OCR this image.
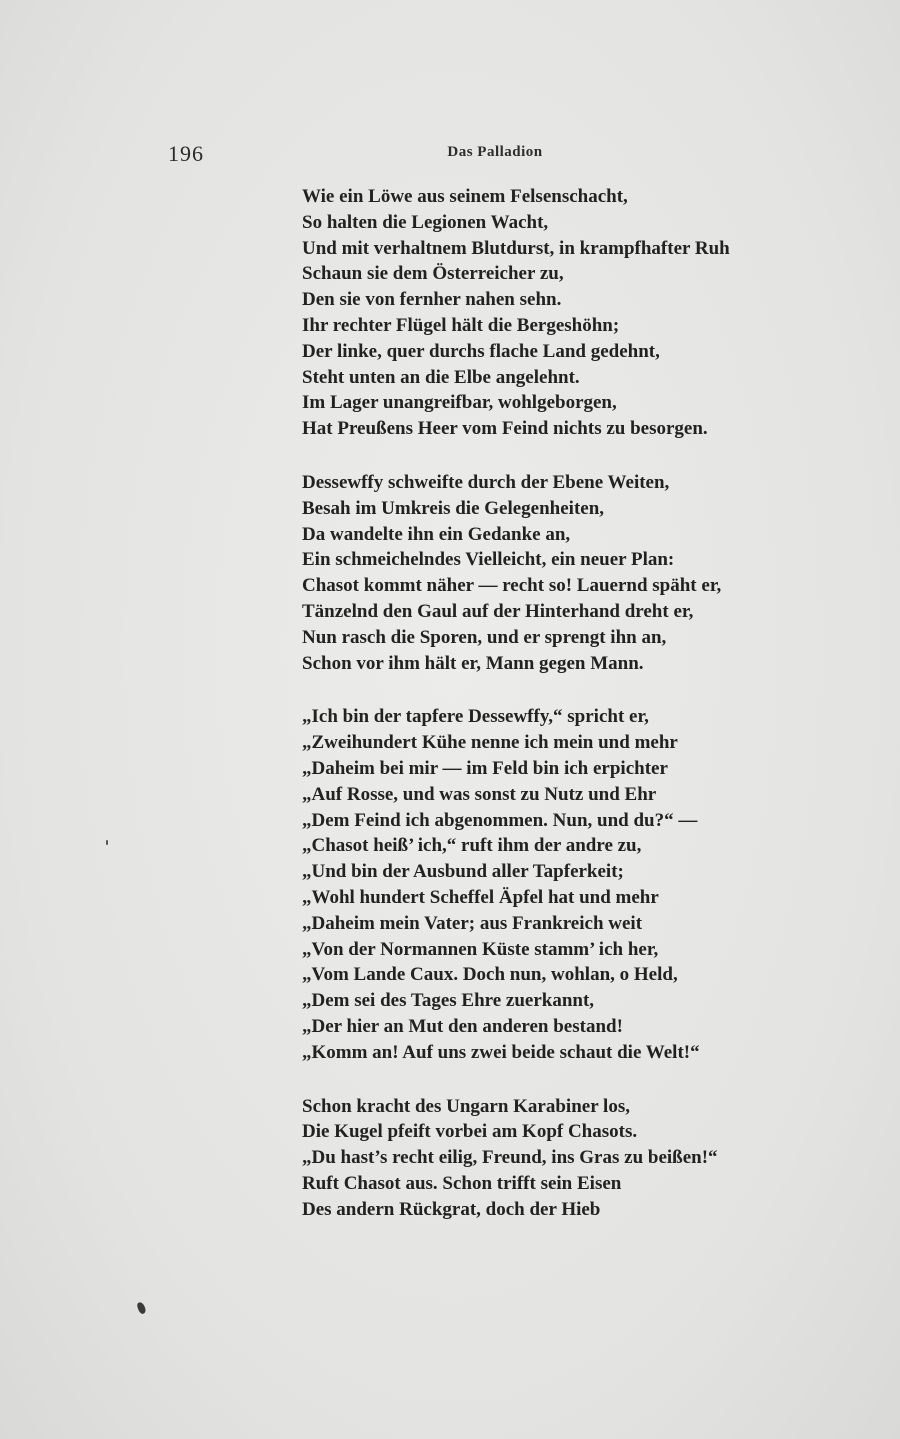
196	Das Palladion
Wie ein Löwe aus seinem Felsenschacht,
So halten die Legionen Wacht,
Und mit verhaltnem Blutdurst, in krampfhafter Ruh
Schaun sie dem Österreicher zu,
Den sie von fernher nahen sehn.
Ihr rechter Flügel hält die Bergeshöhn;
Der linke, quer durchs flache Land gedehnt,
Steht unten an die Elbe angelehnt.
Im Lager unangreifbar, wohlgeborgen,
Hat Preußens Heer vom Feind nichts zu besorgen.
Dessewffy schweifte durch der Ebene Weiten,
Besah im Umkreis die Gelegenheiten,
Da wandelte ihn ein Gedanke an,
Ein schmeichelndes Vielleicht, ein neuer Plan:
Chasot kommt näher — recht so! Lauernd späht er,
Tänzelnd den Gaul auf der Hinterhand dreht er,
Nun rasch die Sporen, und er sprengt ihn an,
Schon vor ihm hält er, Mann gegen Mann.
„Ich bin der tapfere Dessewffy,“ spricht er,
„Zweihundert Kühe nenne ich mein und mehr
„Daheim bei mir — im Feld bin ich erpichter
„Auf Rosse, und was sonst zu Nutz und Ehr
„Dem Feind ich abgenommen. Nun, und du?“ —
„Chasot heiß’ ich,“ ruft ihm der andre zu,
„Und bin der Ausbund aller Tapferkeit;
„Wohl hundert Scheffel Äpfel hat und mehr
„Daheim mein Vater; aus Frankreich weit
„Von der Normannen Küste stamm’ ich her,
„Vom Lande Caux. Doch nun, wohlan, o Held,
„Dem sei des Tages Ehre zuerkannt,
„Der hier an Mut den anderen bestand!
„Komm an! Auf uns zwei beide schaut die Welt!“
Schon kracht des Ungarn Karabiner los,
Die Kugel pfeift vorbei am Kopf Chasots.
„Du hast’s recht eilig, Freund, ins Gras zu beißen!“
Ruft Chasot aus. Schon trifft sein Eisen
Des andern Rückgrat, doch der Hieb
